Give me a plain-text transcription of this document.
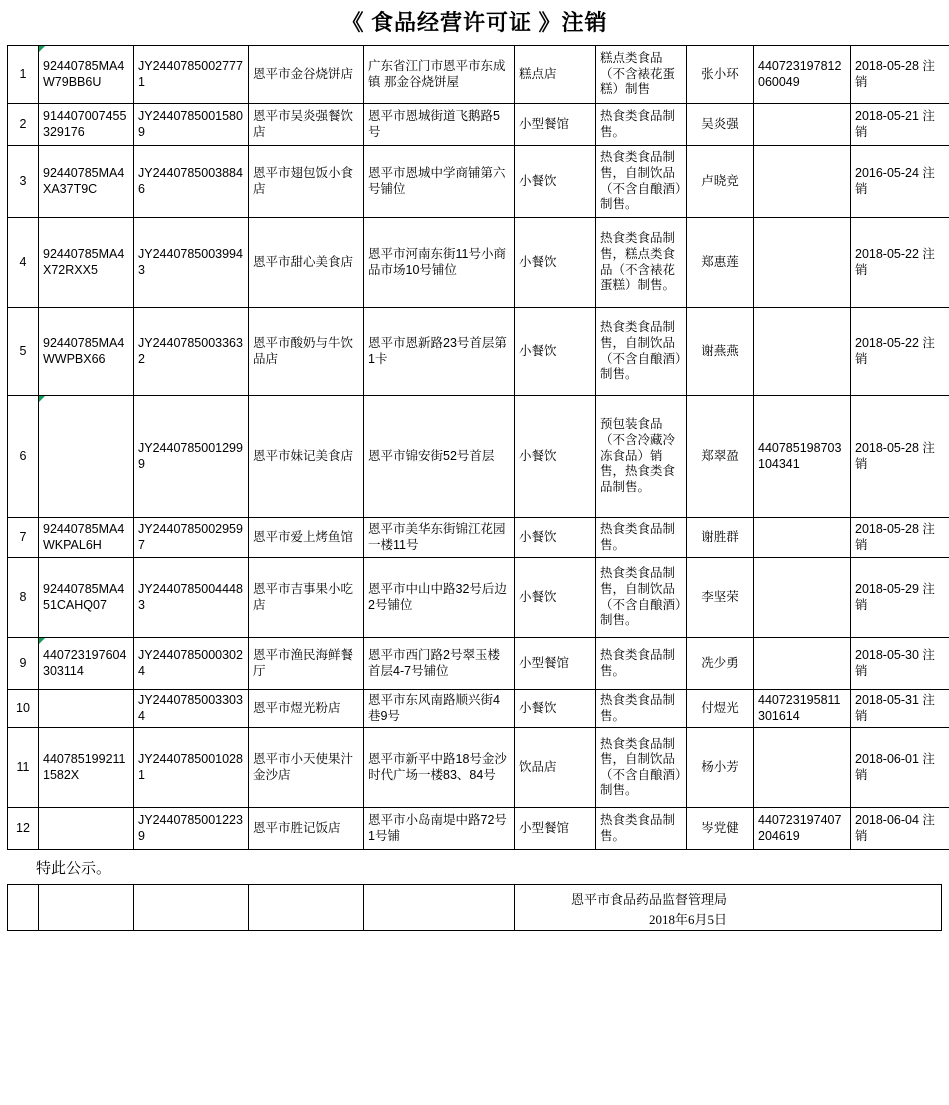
《 食品经营许可证 》注销
1	92440785MA4W79BB6U	JY24407850027771	恩平市金谷烧饼店	广东省江门市恩平市东成镇 那金谷烧饼屋	糕点店	糕点类食品（不含裱花蛋糕）制售	张小环	440723197812060049	2018-05-28 注销	
2	914407007455329176	JY24407850015809	恩平市吴炎强餐饮店	恩平市恩城街道飞鹅路5号	小型餐馆	热食类食品制售。	吴炎强		2018-05-21 注销	
3	92440785MA4XA37T9C	JY24407850038846	恩平市翅包饭小食店	恩平市恩城中学商铺第六号铺位	小餐饮	热食类食品制售，自制饮品（不含自酿酒）制售。	卢晓竞		2016-05-24 注销	
4	92440785MA4X72RXX5	JY24407850039943	恩平市甜心美食店	恩平市河南东街11号小商品市场10号铺位	小餐饮	热食类食品制售，糕点类食品（不含裱花蛋糕）制售。	郑惠莲		2018-05-22 注销	
5	92440785MA4WWPBX66	JY24407850033632	恩平市酸奶与牛饮品店	恩平市恩新路23号首层第1卡	小餐饮	热食类食品制售，自制饮品（不含自酿酒）制售。	谢燕燕		2018-05-22 注销	
6		JY24407850012999	恩平市妹记美食店	恩平市锦安街52号首层	小餐饮	预包装食品（不含冷藏冷冻食品）销售，热食类食品制售。	郑翠盈	440785198703104341	2018-05-28 注销	
7	92440785MA4WKPAL6H	JY24407850029597	恩平市爱上烤鱼馆	恩平市美华东街锦江花园一楼11号	小餐饮	热食类食品制售。	谢胜群		2018-05-28 注销	
8	92440785MA451CAHQ07	JY24407850044483	恩平市吉事果小吃店	恩平市中山中路32号后边2号铺位	小餐饮	热食类食品制售，自制饮品（不含自酿酒）制售。	李坚荣		2018-05-29 注销	
9	440723197604303114	JY24407850003024	恩平市渔民海鲜餐厅	恩平市西门路2号翠玉楼首层4-7号铺位	小型餐馆	热食类食品制售。	冼少勇		2018-05-30 注销	
10		JY24407850033034	恩平市煜光粉店	恩平市东风南路顺兴街4巷9号	小餐饮	热食类食品制售。	付煜光	440723195811301614	2018-05-31 注销	
11	4407851992111582X	JY24407850010281	恩平市小天使果汁金沙店	恩平市新平中路18号金沙时代广场一楼83、84号	饮品店	热食类食品制售，自制饮品（不含自酿酒）制售。	杨小芳		2018-06-01 注销	
12		JY24407850012239	恩平市胜记饭店	恩平市小岛南堤中路72号1号铺	小型餐馆	热食类食品制售。	岑党健	440723197407204619	2018-06-04 注销	
特此公示。

恩平市食品药品监督管理局
2018年6月5日
